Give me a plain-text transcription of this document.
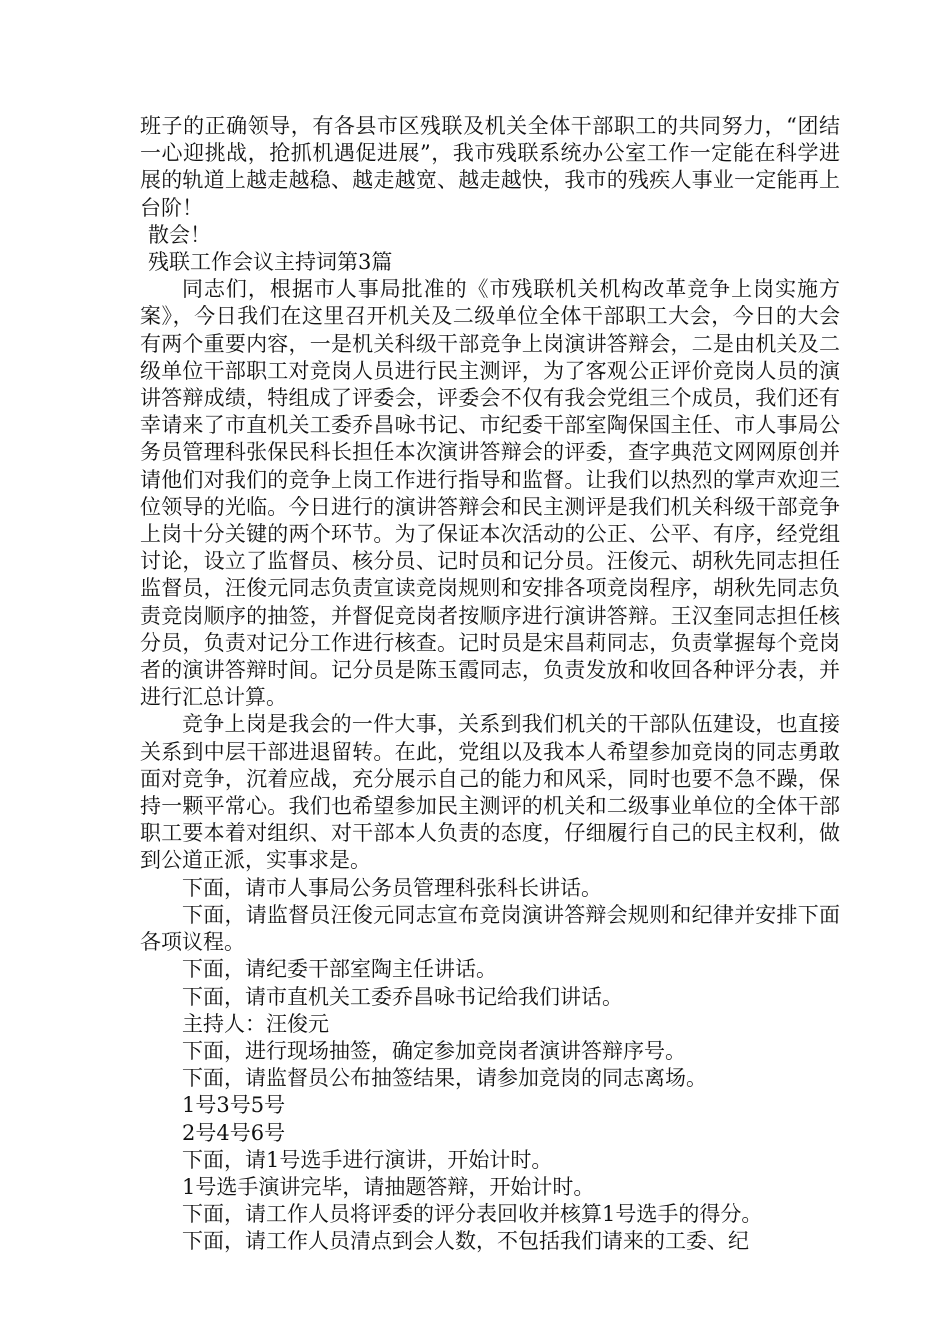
班子的正确领导，有各县市区残联及机关全体干部职工的共同努力，“团结一心迎挑战，抢抓机遇促进展”，我市残联系统办公室工作一定能在科学进展的轨道上越走越稳、越走越宽、越走越快，我市的残疾人事业一定能再上台阶！

散会！

残联工作会议主持词第3篇

同志们，根据市人事局批准的《市残联机关机构改革竞争上岗实施方案》，今日我们在这里召开机关及二级单位全体干部职工大会，今日的大会有两个重要内容，一是机关科级干部竞争上岗演讲答辩会，二是由机关及二级单位干部职工对竞岗人员进行民主测评，为了客观公正评价竞岗人员的演讲答辩成绩，特组成了评委会，评委会不仅有我会党组三个成员，我们还有幸请来了市直机关工委乔昌咏书记、市纪委干部室陶保国主任、市人事局公务员管理科张保民科长担任本次演讲答辩会的评委，查字典范文网网原创并请他们对我们的竞争上岗工作进行指导和监督。让我们以热烈的掌声欢迎三位领导的光临。今日进行的演讲答辩会和民主测评是我们机关科级干部竞争上岗十分关键的两个环节。为了保证本次活动的公正、公平、有序，经党组讨论，设立了监督员、核分员、记时员和记分员。汪俊元、胡秋先同志担任监督员，汪俊元同志负责宣读竞岗规则和安排各项竞岗程序，胡秋先同志负责竞岗顺序的抽签，并督促竞岗者按顺序进行演讲答辩。王汉奎同志担任核分员，负责对记分工作进行核查。记时员是宋昌莉同志，负责掌握每个竞岗者的演讲答辩时间。记分员是陈玉霞同志，负责发放和收回各种评分表，并进行汇总计算。

竞争上岗是我会的一件大事，关系到我们机关的干部队伍建设，也直接关系到中层干部进退留转。在此，党组以及我本人希望参加竞岗的同志勇敢面对竞争，沉着应战，充分展示自己的能力和风采，同时也要不急不躁，保持一颗平常心。我们也希望参加民主测评的机关和二级事业单位的全体干部职工要本着对组织、对干部本人负责的态度，仔细履行自己的民主权利，做到公道正派，实事求是。

下面，请市人事局公务员管理科张科长讲话。

下面，请监督员汪俊元同志宣布竞岗演讲答辩会规则和纪律并安排下面各项议程。

下面，请纪委干部室陶主任讲话。

下面，请市直机关工委乔昌咏书记给我们讲话。

主持人：汪俊元

下面，进行现场抽签，确定参加竞岗者演讲答辩序号。

下面，请监督员公布抽签结果，请参加竞岗的同志离场。

1号3号5号

2号4号6号

下面，请1号选手进行演讲，开始计时。

1号选手演讲完毕，请抽题答辩，开始计时。

下面，请工作人员将评委的评分表回收并核算1号选手的得分。

下面，请工作人员清点到会人数，不包括我们请来的工委、纪
